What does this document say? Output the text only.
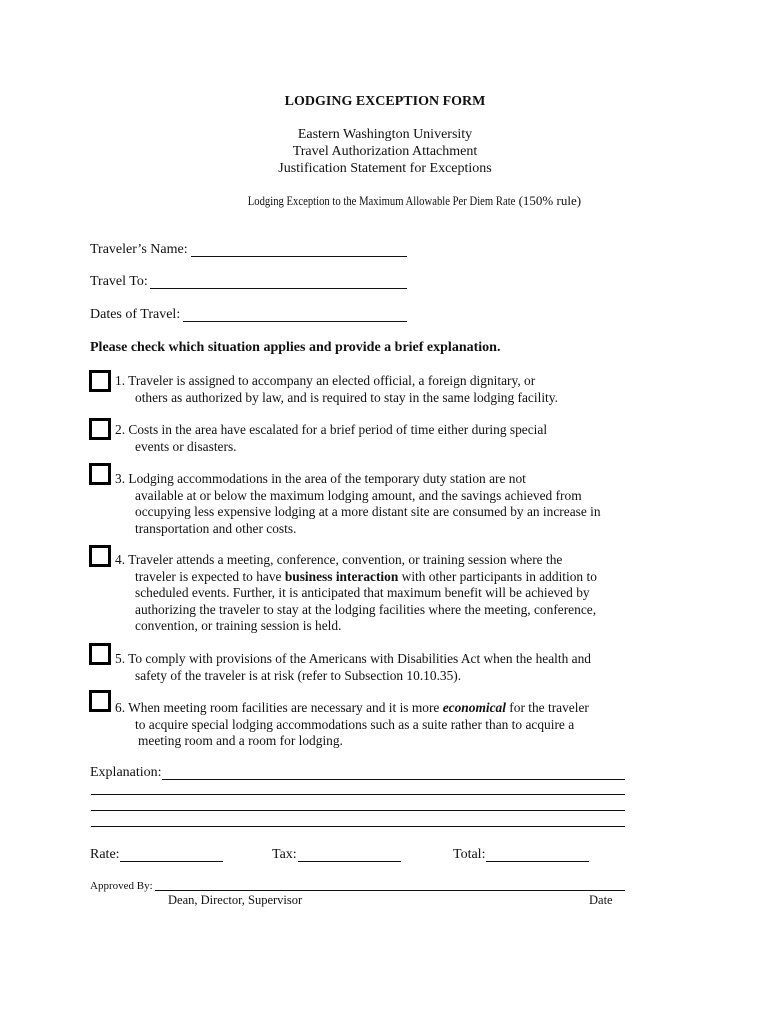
LODGING EXCEPTION FORM
Eastern Washington University
Travel Authorization Attachment
Justification Statement for Exceptions
Lodging Exception to the Maximum Allowable Per Diem Rate (150% rule)
Traveler’s Name:
Travel To:
Dates of Travel:
Please check which situation applies and provide a brief explanation.
1. Traveler is assigned to accompany an elected official, a foreign dignitary, or
others as authorized by law, and is required to stay in the same lodging facility.
2. Costs in the area have escalated for a brief period of time either during special
events or disasters.
3. Lodging accommodations in the area of the temporary duty station are not
available at or below the maximum lodging amount, and the savings achieved from
occupying less expensive lodging at a more distant site are consumed by an increase in
transportation and other costs.
4. Traveler attends a meeting, conference, convention, or training session where the
traveler is expected to have business interaction with other participants in addition to
scheduled events. Further, it is anticipated that maximum benefit will be achieved by
authorizing the traveler to stay at the lodging facilities where the meeting, conference,
convention, or training session is held.
5. To comply with provisions of the Americans with Disabilities Act when the health and
safety of the traveler is at risk (refer to Subsection 10.10.35).
6. When meeting room facilities are necessary and it is more economical for the traveler
to acquire special lodging accommodations such as a suite rather than to acquire a
meeting room and a room for lodging.
Explanation:
Rate:	Tax:	Total:
Approved By:
Dean, Director, Supervisor	Date
